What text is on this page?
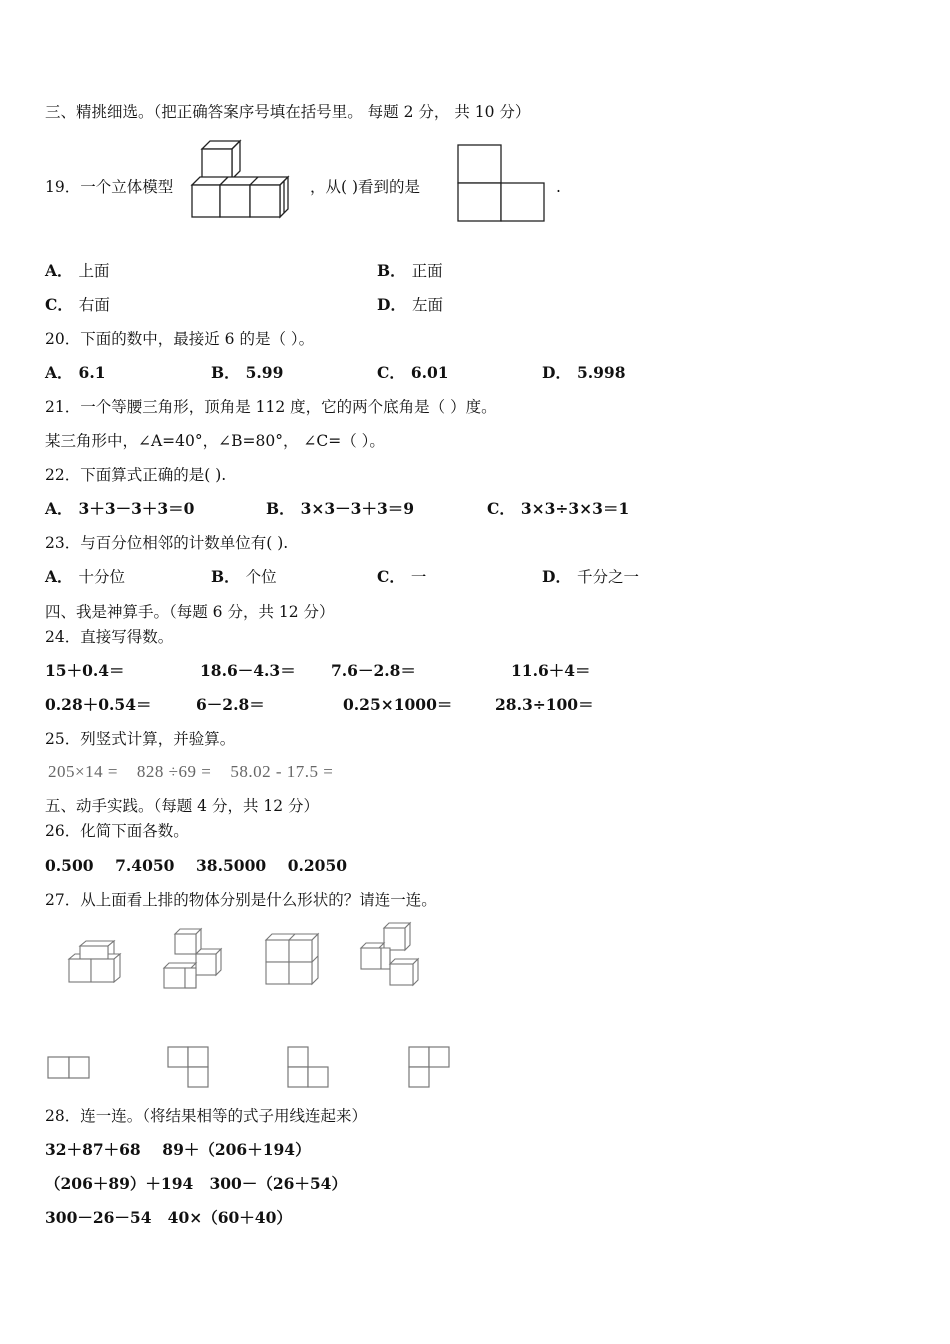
三、精挑细选。（把正确答案序号填在括号里。 每题 2 分， 共 10 分）
19．一个立体模型	，从( )看到的是	.
A． 上面	B． 正面
C． 右面	D． 左面
20．下面的数中，最接近 6 的是（ ）。
A． 6.1	B． 5.99	C． 6.01	D． 5.998
21．一个等腰三角形，顶角是 112 度，它的两个底角是（ ）度。
某三角形中，∠A=40°，∠B=80°， ∠C=（ ）。
22．下面算式正确的是( ).
A． 3＋3－3＋3＝0	B． 3×3－3＋3＝9	C． 3×3÷3×3＝1
23．与百分位相邻的计数单位有( ).
A． 十分位	B． 个位	C． 一	D． 千分之一
四、我是神算手。（每题 6 分，共 12 分）
24．直接写得数。
15＋0.4＝	18.6－4.3＝ 7.6－2.8＝	11.6＋4＝
0.28＋0.54＝	6－2.8＝	0.25×1000＝	28.3÷100＝
25．列竖式计算，并验算。
205×14 =    828 ÷69 =    58.02 - 17.5 =
五、动手实践。（每题 4 分，共 12 分）
26．化简下面各数。
0.500    7.4050    38.5000    0.2050
27．从上面看上排的物体分别是什么形状的？请连一连。
28．连一连。（将结果相等的式子用线连起来）
32＋87＋68    89＋（206＋194）
（206＋89）＋194   300－（26＋54）
300－26－54   40×（60＋40）
